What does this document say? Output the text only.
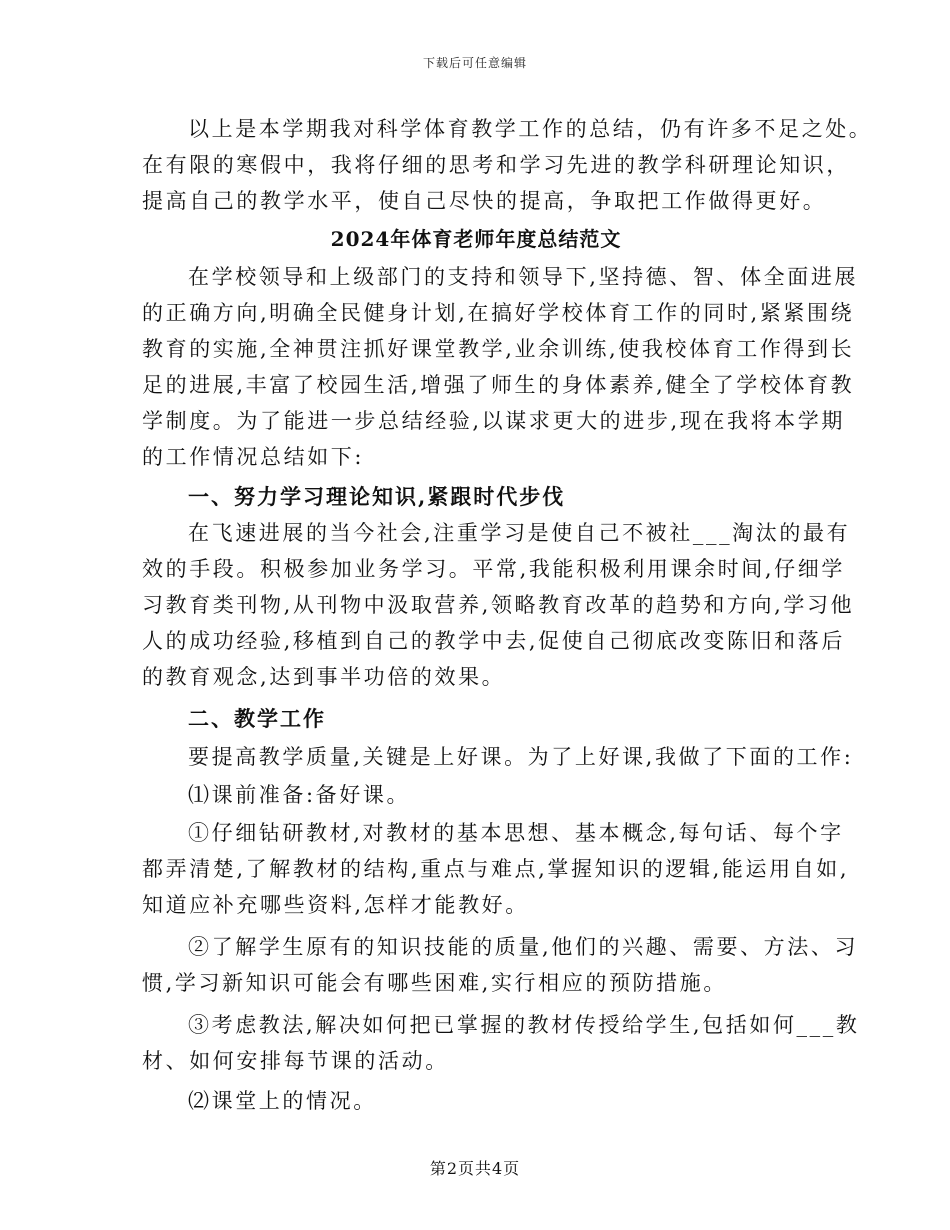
下载后可任意编辑
以上是本学期我对科学体育教学工作的总结，仍有许多不足之处。
在有限的寒假中，我将仔细的思考和学习先进的教学科研理论知识，
提高自己的教学水平，使自己尽快的提高，争取把工作做得更好。
2024年体育老师年度总结范文
在学校领导和上级部门的支持和领导下,坚持德、智、体全面进展
的正确方向,明确全民健身计划,在搞好学校体育工作的同时,紧紧围绕
教育的实施,全神贯注抓好课堂教学,业余训练,使我校体育工作得到长
足的进展,丰富了校园生活,增强了师生的身体素养,健全了学校体育教
学制度。为了能进一步总结经验,以谋求更大的进步,现在我将本学期
的工作情况总结如下:
一、努力学习理论知识,紧跟时代步伐
在飞速进展的当今社会,注重学习是使自己不被社___淘汰的最有
效的手段。积极参加业务学习。平常,我能积极利用课余时间,仔细学
习教育类刊物,从刊物中汲取营养,领略教育改革的趋势和方向,学习他
人的成功经验,移植到自己的教学中去,促使自己彻底改变陈旧和落后
的教育观念,达到事半功倍的效果。
二、教学工作
要提高教学质量,关键是上好课。为了上好课,我做了下面的工作:
⑴课前准备:备好课。
①仔细钻研教材,对教材的基本思想、基本概念,每句话、每个字
都弄清楚,了解教材的结构,重点与难点,掌握知识的逻辑,能运用自如,
知道应补充哪些资料,怎样才能教好。
②了解学生原有的知识技能的质量,他们的兴趣、需要、方法、习
惯,学习新知识可能会有哪些困难,实行相应的预防措施。
③考虑教法,解决如何把已掌握的教材传授给学生,包括如何___教
材、如何安排每节课的活动。
⑵课堂上的情况。
第2页共4页
